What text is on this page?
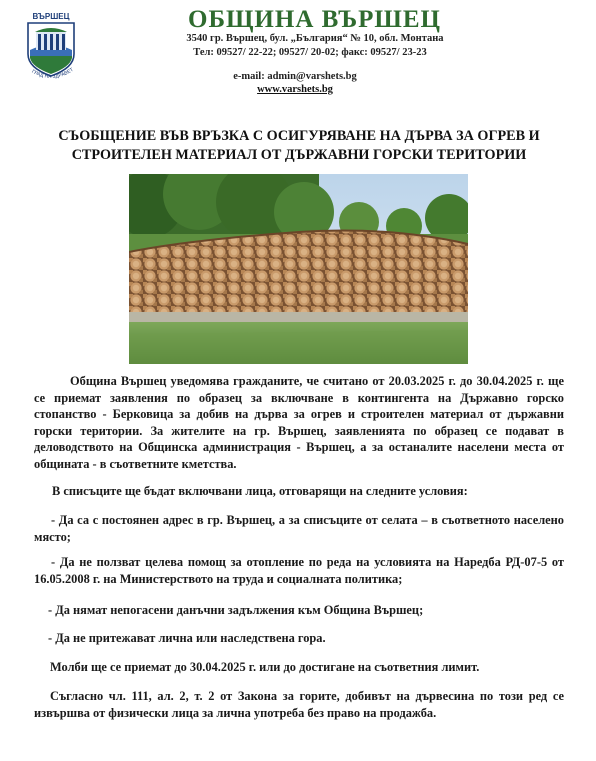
ВЪРШЕЦ
ГРАД НА ЗДРАВЕТ
ОБЩИНА ВЪРШЕЦ
3540 гр. Вършец, бул. „България“ № 10, обл. Монтана
Тел: 09527/ 22-22; 09527/ 20-02; факс: 09527/ 23-23
e-mail: admin@varshets.bg
www.varshets.bg
СЪОБЩЕНИЕ ВЪВ ВРЪЗКА С ОСИГУРЯВАНЕ НА ДЪРВА ЗА ОГРЕВ И СТРОИТЕЛЕН МАТЕРИАЛ ОТ ДЪРЖАВНИ ГОРСКИ ТЕРИТОРИИ
Община Вършец уведомява гражданите, че считано от 20.03.2025 г. до 30.04.2025 г. ще се приемат заявления по образец за включване в контингента на Държавно горско стопанство - Берковица за добив на дърва за огрев и строителен материал от държавни горски територии. За жителите на гр. Вършец, заявленията по образец се подават в деловодството на Общинска администрация - Вършец, а за останалите населени места от общината - в съответните кметства.
В списъците ще бъдат включвани лица, отговарящи на следните условия:
- Да са с постоянен адрес в гр. Вършец, а за списъците от селата – в съответното населено място;
- Да не ползват целева помощ за отопление по реда на условията на Наредба РД-07-5 от 16.05.2008 г. на Министерството на труда и социалната политика;
- Да нямат непогасени данъчни задължения към Община Вършец;
- Да не притежават лична или наследствена гора.
Молби ще се приемат до 30.04.2025 г. или до достигане на съответния лимит.
Съгласно чл. 111, ал. 2, т. 2 от Закона за горите, добивът на дървесина по този ред се извършва от физически лица за лична употреба без право на продажба.
